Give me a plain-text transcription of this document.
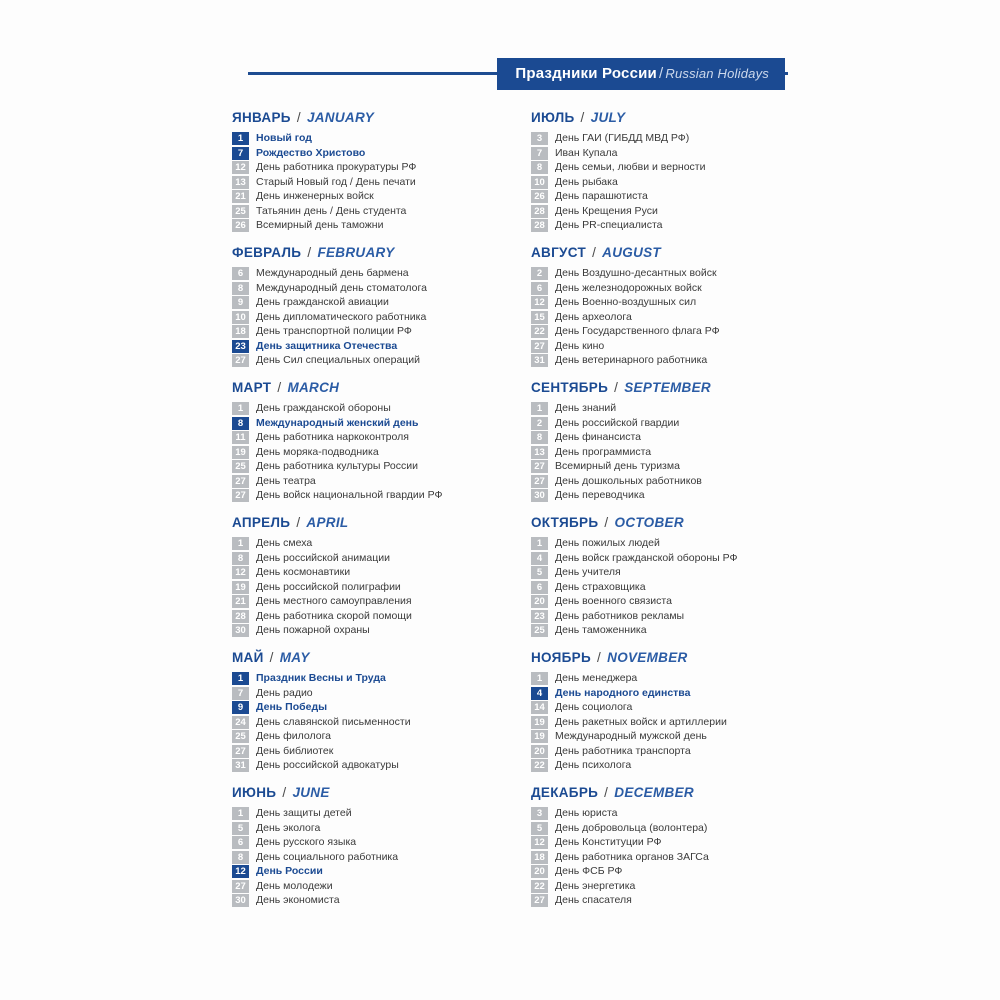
Праздники России / Russian Holidays
ЯНВАРЬ / JANUARY
1	Новый год
7	Рождество Христово
12 День работника прокуратуры РФ
13 Старый Новый год / День печати
21 День инженерных войск
25 Татьянин день / День студента
26 Всемирный день таможни
ФЕВРАЛЬ / FEBRUARY
6	Международный день бармена
8	Международный день стоматолога
9	День гражданской авиации
10 День дипломатического работника
18 День транспортной полиции РФ
23 День защитника Отечества
27 День Сил специальных операций
МАРТ / MARCH
1	День гражданской обороны
8	Международный женский день
11 День работника наркоконтроля
19 День моряка-подводника
25 День работника культуры России
27 День театра
27 День войск национальной гвардии РФ
АПРЕЛЬ / APRIL
1	День смеха
8	День российской анимации
12 День космонавтики
19 День российской полиграфии
21 День местного самоуправления
28 День работника скорой помощи
30 День пожарной охраны
МАЙ / MAY
1	Праздник Весны и Труда
7	День радио
9	День Победы
24 День славянской письменности
25 День филолога
27 День библиотек
31 День российской адвокатуры
ИЮНЬ / JUNE
1	День защиты детей
5	День эколога
6	День русского языка
8	День социального работника
12 День России
27 День молодежи
30 День экономиста
ИЮЛЬ / JULY
3	День ГАИ (ГИБДД МВД РФ)
7	Иван Купала
8	День семьи, любви и верности
10 День рыбака
26 День парашютиста
28 День Крещения Руси
28 День PR-специалиста
АВГУСТ / AUGUST
2	День Воздушно-десантных войск
6	День железнодорожных войск
12 День Военно-воздушных сил
15 День археолога
22 День Государственного флага РФ
27 День кино
31 День ветеринарного работника
СЕНТЯБРЬ / SEPTEMBER
1	День знаний
2	День российской гвардии
8	День финансиста
13 День программиста
27 Всемирный день туризма
27 День дошкольных работников
30 День переводчика
ОКТЯБРЬ / OCTOBER
1	День пожилых людей
4	День войск гражданской обороны РФ
5	День учителя
6	День страховщика
20 День военного связиста
23 День работников рекламы
25 День таможенника
НОЯБРЬ / NOVEMBER
1	День менеджера
4	День народного единства
14 День социолога
19 День ракетных войск и артиллерии
19 Международный мужской день
20 День работника транспорта
22 День психолога
ДЕКАБРЬ / DECEMBER
3	День юриста
5	День добровольца (волонтера)
12 День Конституции РФ
18 День работника органов ЗАГСа
20 День ФСБ РФ
22 День энергетика
27 День спасателя
